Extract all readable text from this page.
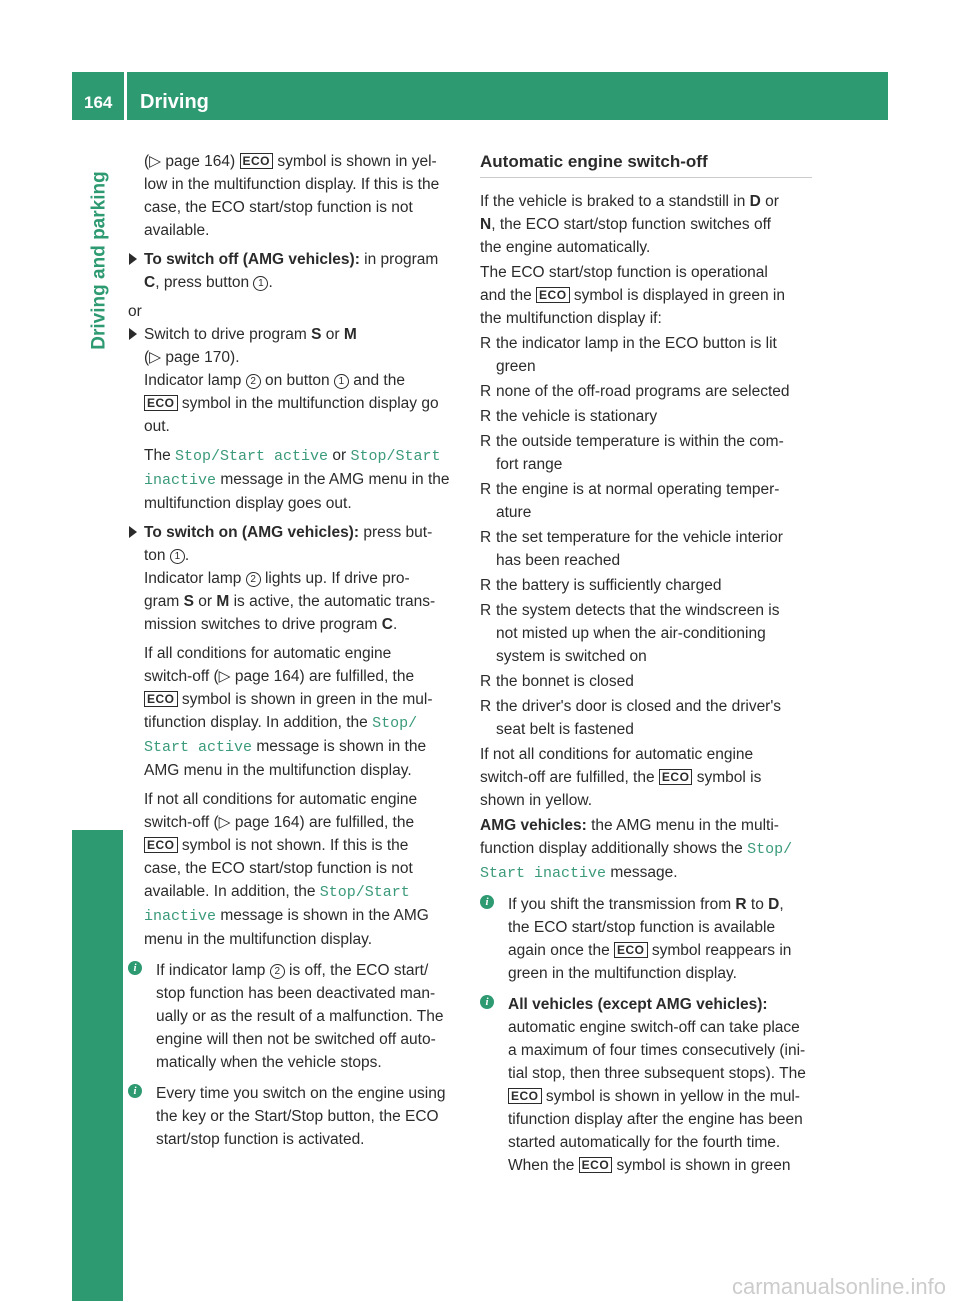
164 Driving
Driving and parking
(▷ page 164) ECO symbol is shown in yel-
low in the multifunction display. If this is the
case, the ECO start/stop function is not
available.
To switch off (AMG vehicles): in program
C, press button 1 .
or
Switch to drive program S or M
(▷ page 170).
Indicator lamp 2 on button 1 and the
ECO symbol in the multifunction display go
out.
The Stop/Start active or Stop/Start
inactive message in the AMG menu in the
multifunction display goes out.
To switch on (AMG vehicles): press but-
ton 1 .
Indicator lamp 2 lights up. If drive pro-
gram S or M is active, the automatic trans-
mission switches to drive program C.
If all conditions for automatic engine
switch-off (▷ page 164) are fulfilled, the
ECO symbol is shown in green in the mul-
tifunction display. In addition, the Stop/
Start active message is shown in the
AMG menu in the multifunction display.
If not all conditions for automatic engine
switch-off (▷ page 164) are fulfilled, the
ECO symbol is not shown. If this is the
case, the ECO start/stop function is not
available. In addition, the Stop/Start
inactive message is shown in the AMG
menu in the multifunction display.
i	If indicator lamp 2 is off, the ECO start/
stop function has been deactivated man-
ually or as the result of a malfunction. The
engine will then not be switched off auto-
matically when the vehicle stops.
i	Every time you switch on the engine using
the key or the Start/Stop button, the ECO
start/stop function is activated.
Automatic engine switch-off
If the vehicle is braked to a standstill in D or
N, the ECO start/stop function switches off
the engine automatically.
The ECO start/stop function is operational
and the ECO symbol is displayed in green in
the multifunction display if:
R the indicator lamp in the ECO button is lit
green
R none of the off-road programs are selected
R the vehicle is stationary
R the outside temperature is within the com-
fort range
R the engine is at normal operating temper-
ature
R the set temperature for the vehicle interior
has been reached
R the battery is sufficiently charged
R the system detects that the windscreen is
not misted up when the air-conditioning
system is switched on
R the bonnet is closed
R the driver's door is closed and the driver's
seat belt is fastened
If not all conditions for automatic engine
switch-off are fulfilled, the ECO symbol is
shown in yellow.
AMG vehicles: the AMG menu in the multi-
function display additionally shows the Stop/
Start inactive message.
i	If you shift the transmission from R to D,
the ECO start/stop function is available
again once the ECO symbol reappears in
green in the multifunction display.
i	All vehicles (except AMG vehicles):
automatic engine switch-off can take place
a maximum of four times consecutively (ini-
tial stop, then three subsequent stops). The
ECO symbol is shown in yellow in the mul-
tifunction display after the engine has been
started automatically for the fourth time.
When the ECO symbol is shown in green
carmanualsonline.info
